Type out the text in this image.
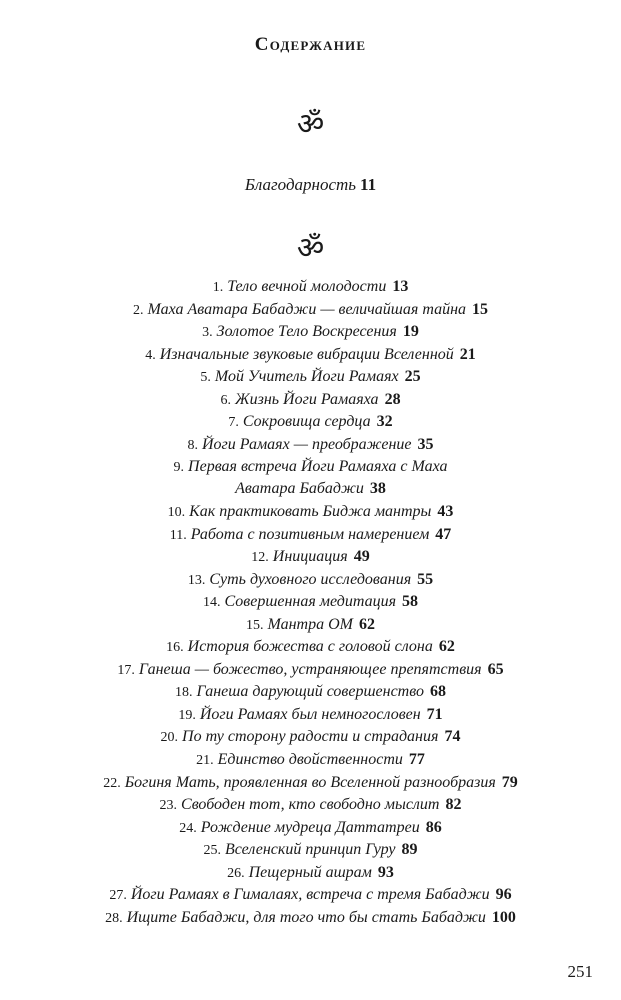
Содержание
ॐ
Благодарность 11
ॐ
1. Тело вечной молодости 13
2. Маха Аватара Бабаджи — величайшая тайна 15
3. Золотое Тело Воскресения 19
4. Изначальные звуковые вибрации Вселенной 21
5. Мой Учитель Йоги Рамаях 25
6. Жизнь Йоги Рамаяха 28
7. Сокровища сердца 32
8. Йоги Рамаях — преображение 35
9. Первая встреча Йоги Рамаяха с Маха
Аватара Бабаджи 38
10. Как практиковать Биджа мантры 43
11. Работа с позитивным намерением 47
12. Инициация 49
13. Суть духовного исследования 55
14. Совершенная медитация 58
15. Мантра ОМ 62
16. История божества с головой слона 62
17. Ганеша — божество, устраняющее препятствия 65
18. Ганеша дарующий совершенство 68
19. Йоги Рамаях был немногословен 71
20. По ту сторону радости и страдания 74
21. Единство двойственности 77
22. Богиня Мать, проявленная во Вселенной разнообразия 79
23. Свободен тот, кто свободно мыслит 82
24. Рождение мудреца Даттатреи 86
25. Вселенский принцип Гуру 89
26. Пещерный ашрам 93
27. Йоги Рамаях в Гималаях, встреча с тремя Бабаджи 96
28. Ищите Бабаджи, для того что бы стать Бабаджи 100
251
